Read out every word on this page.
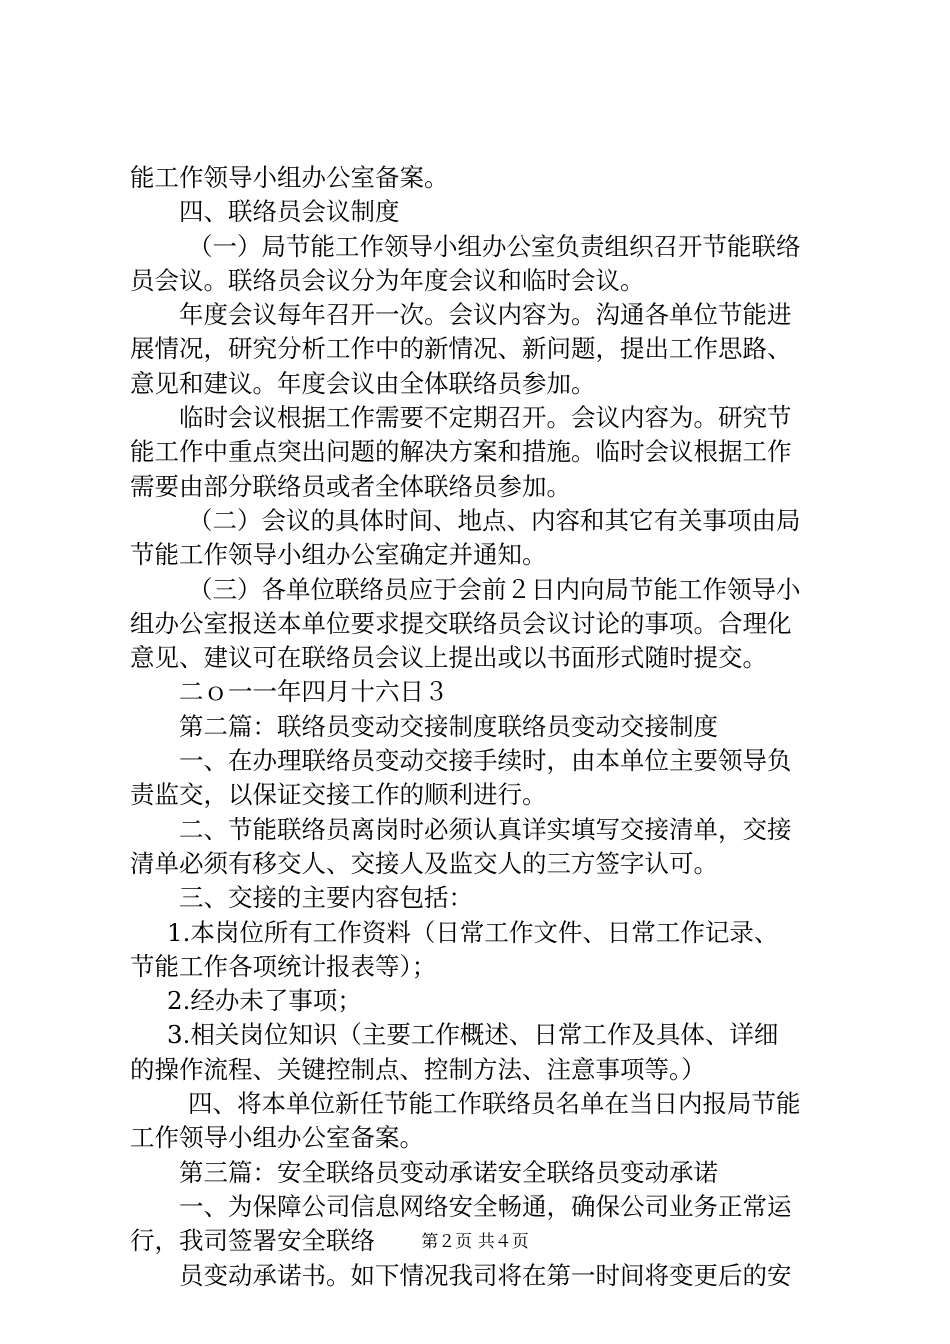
能工作领导小组办公室备案。
四、联络员会议制度
（一）局节能工作领导小组办公室负责组织召开节能联络
员会议。联络员会议分为年度会议和临时会议。
年度会议每年召开一次。会议内容为。沟通各单位节能进
展情况，研究分析工作中的新情况、新问题，提出工作思路、
意见和建议。年度会议由全体联络员参加。
临时会议根据工作需要不定期召开。会议内容为。研究节
能工作中重点突出问题的解决方案和措施。临时会议根据工作
需要由部分联络员或者全体联络员参加。
（二）会议的具体时间、地点、内容和其它有关事项由局
节能工作领导小组办公室确定并通知。
（三）各单位联络员应于会前２日内向局节能工作领导小
组办公室报送本单位要求提交联络员会议讨论的事项。合理化
意见、建议可在联络员会议上提出或以书面形式随时提交。
二ｏ一一年四月十六日３
第二篇：联络员变动交接制度联络员变动交接制度
一、在办理联络员变动交接手续时，由本单位主要领导负
责监交，以保证交接工作的顺利进行。
二、节能联络员离岗时必须认真详实填写交接清单，交接
清单必须有移交人、交接人及监交人的三方签字认可。
三、交接的主要内容包括：
1.本岗位所有工作资料（日常工作文件、日常工作记录、
节能工作各项统计报表等）；
2.经办未了事项；
3.相关岗位知识（主要工作概述、日常工作及具体、详细
的操作流程、关键控制点、控制方法、注意事项等。）
四、将本单位新任节能工作联络员名单在当日内报局节能
工作领导小组办公室备案。
第三篇：安全联络员变动承诺安全联络员变动承诺
一、为保障公司信息网络安全畅通，确保公司业务正常运
行，我司签署安全联络
员变动承诺书。如下情况我司将在第一时间将变更后的安
第２页 共４页
